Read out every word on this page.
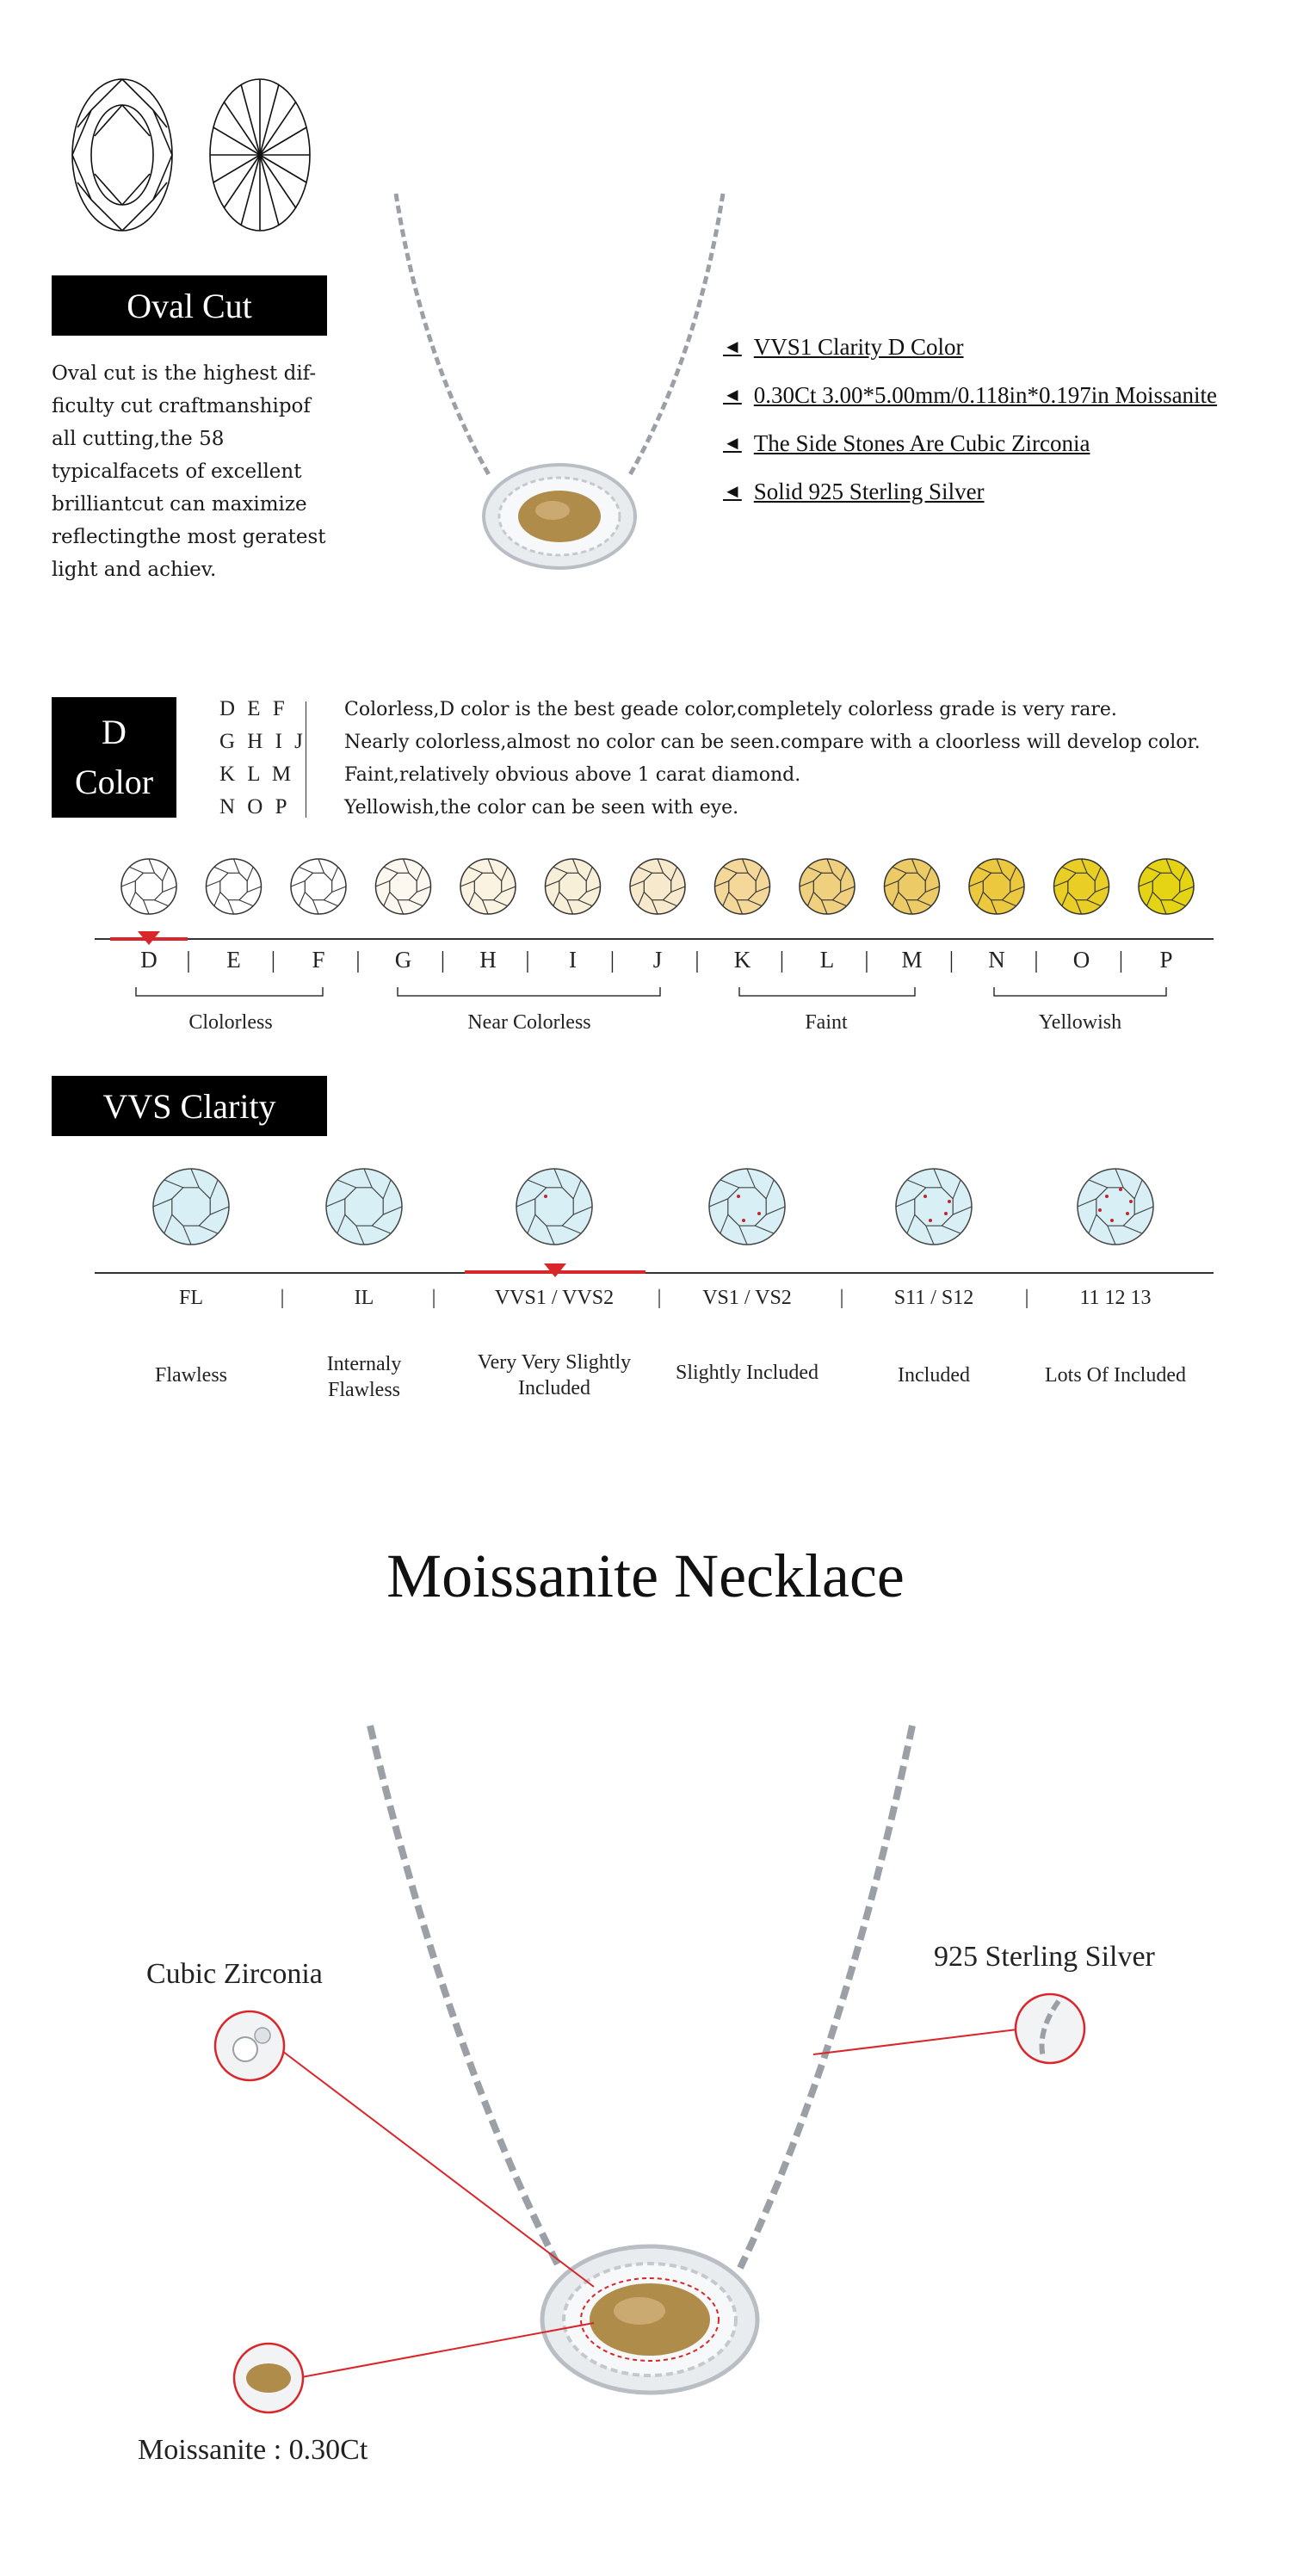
Oval Cut
Oval cut is the highest dif-ficulty cut craftmanshipof all cutting,the 58 typicalfacets of excellent brilliantcut can maximize reflectingthe most geratest light and achiev.
◄ VVS1 Clarity D Color
◄ 0.30Ct 3.00*5.00mm/0.118in*0.197in Moissanite
◄ The Side Stones Are Cubic Zirconia
◄ Solid 925 Sterling Silver
D
Color
D E F	Colorless,D color is the best geade color,completely colorless grade is very rare.
G H I J	Nearly colorless,almost no color can be seen.compare with a cloorless will develop color.
K L M	Faint,relatively obvious above 1 carat diamond.
N O P	Yellowish,the color can be seen with eye.
D	|	E	|	F	|	G	|	H	|	I	|	J	|	K	|	L	| M |	N	|	O	|	P
Clolorless	Near Colorless	Faint	Yellowish
VVS Clarity
FL	IL	VVS1 / VVS2	VS1 / VS2	S11 / S12	11 12 13
|	|	|	|	|
Flawless	Internaly Flawless
Very Very Slightly Included
Slightly Included	Included	Lots Of Included
Moissanite Necklace
Cubic Zirconia
925 Sterling Silver
Moissanite : 0.30Ct
